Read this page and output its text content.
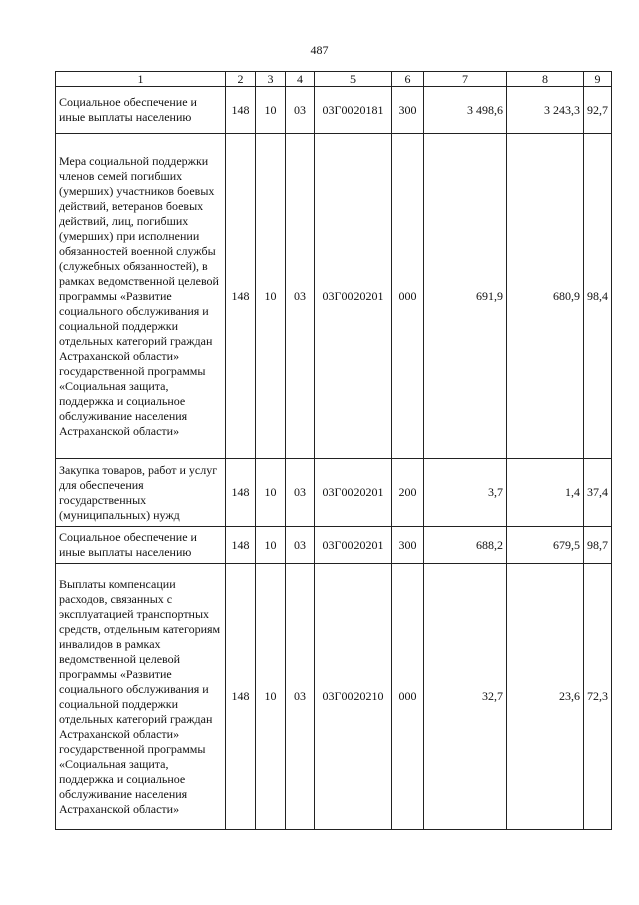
487
1	2	3	4	5	6	7	8	9
Социальное обеспечение и иные выплаты населению	148	10	03	03Г0020181	300	3 498,6	3 243,3	92,7
Мера социальной поддержки членов семей погибших (умерших) участников боевых действий, ветеранов боевых действий, лиц, погибших (умерших) при исполнении обязанностей военной службы (служебных обязанностей), в рамках ведомственной целевой программы «Развитие социального обслуживания и социальной поддержки отдельных категорий граждан Астраханской области» государственной программы «Социальная защита, поддержка и социальное обслуживание населения Астраханской области»	148	10	03	03Г0020201	000	691,9	680,9	98,4
Закупка товаров, работ и услуг для обеспечения государственных (муниципальных) нужд	148	10	03	03Г0020201	200	3,7	1,4	37,4
Социальное обеспечение и иные выплаты населению	148	10	03	03Г0020201	300	688,2	679,5	98,7
Выплаты компенсации расходов, связанных с эксплуатацией транспортных средств, отдельным категориям инвалидов в рамках ведомственной целевой программы «Развитие социального обслуживания и социальной поддержки отдельных категорий граждан Астраханской области» государственной программы «Социальная защита, поддержка и социальное обслуживание населения Астраханской области»	148	10	03	03Г0020210	000	32,7	23,6	72,3
